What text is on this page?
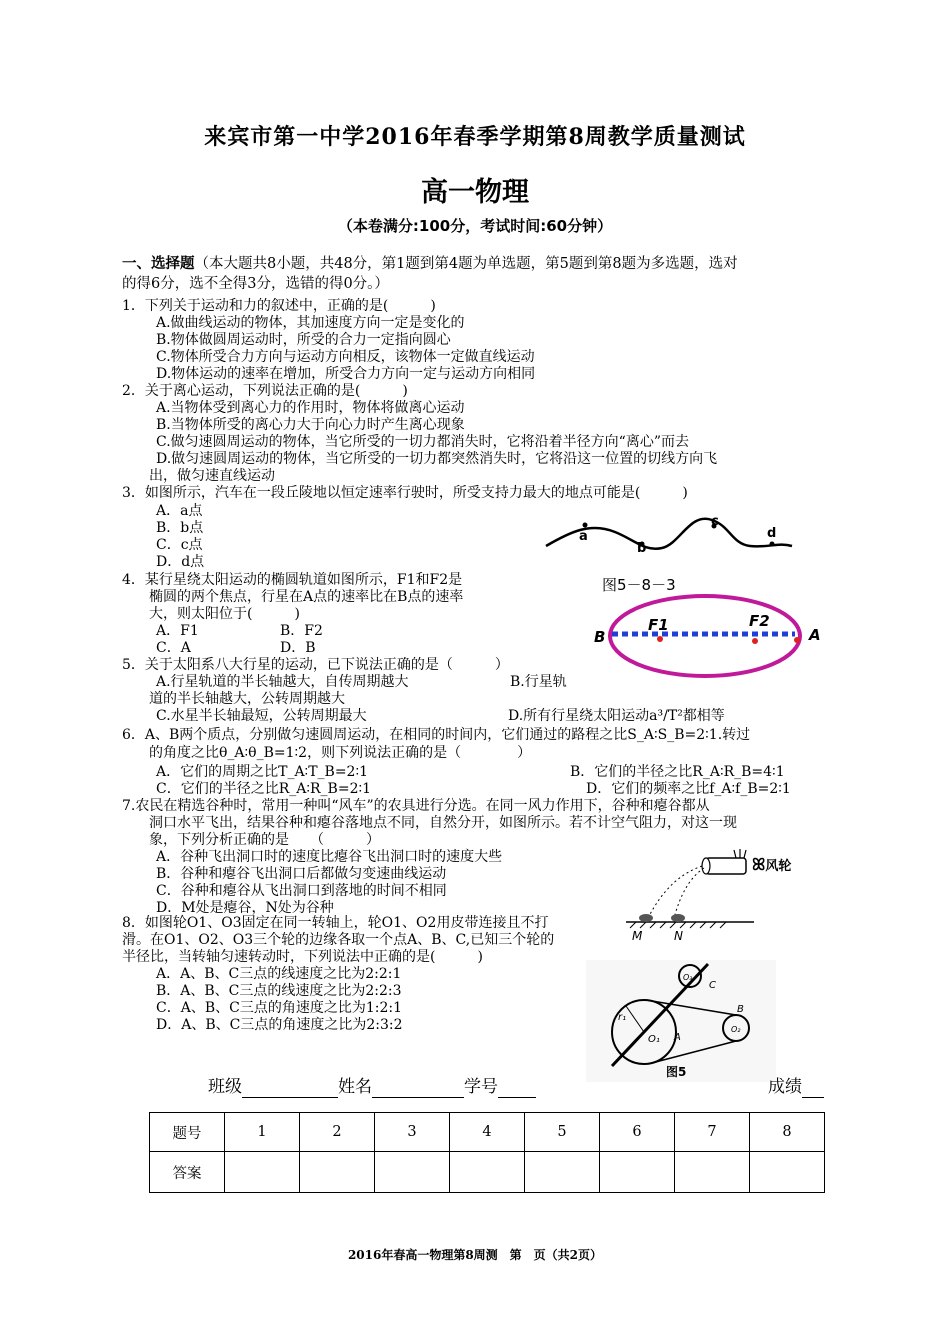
来宾市第一中学2016年春季学期第8周教学质量测试
高一物理
（本卷满分:100分，考试时间:60分钟）
一、选择题（本大题共8小题，共48分，第1题到第4题为单选题，第5题到第8题为多选题，选对
的得6分，选不全得3分，选错的得0分。）
1．下列关于运动和力的叙述中，正确的是(　　　)
A.做曲线运动的物体，其加速度方向一定是变化的
B.物体做圆周运动时，所受的合力一定指向圆心
C.物体所受合力方向与运动方向相反，该物体一定做直线运动
D.物体运动的速率在增加，所受合力方向一定与运动方向相同
2．关于离心运动，下列说法正确的是(　　　)
A.当物体受到离心力的作用时，物体将做离心运动
B.当物体所受的离心力大于向心力时产生离心现象
C.做匀速圆周运动的物体，当它所受的一切力都消失时，它将沿着半径方向“离心”而去
D.做匀速圆周运动的物体，当它所受的一切力都突然消失时，它将沿这一位置的切线方向飞
出，做匀速直线运动
3．如图所示，汽车在一段丘陵地以恒定速率行驶时，所受支持力最大的地点可能是(　　　)
A．a点
B．b点
C．c点
D．d点
a
b
c
d
图5－8－3
4．某行星绕太阳运动的椭圆轨道如图所示，F1和F2是
椭圆的两个焦点，行星在A点的速率比在B点的速率
大，则太阳位于(　　　)
A．F1	B．F2
C．A	D．B
F1	F2
B	A
5．关于太阳系八大行星的运动，已下说法正确的是（　　　）
A.行星轨道的半长轴越大，自传周期越大	B.行星轨
道的半长轴越大，公转周期越大
C.水星半长轴最短，公转周期最大	D.所有行星绕太阳运动a³/T²都相等
6．A、B两个质点，分别做匀速圆周运动，在相同的时间内，它们通过的路程之比S_A∶S_B=2∶1.转过
的角度之比θ_A∶θ_B=1∶2，则下列说法正确的是（　　　　）
A．它们的周期之比T_A∶T_B=2∶1	B．它们的半径之比R_A∶R_B=4∶1
C．它们的半径之比R_A∶R_B=2∶1	D．它们的频率之比f_A∶f_B=2∶1
7.农民在精选谷种时，常用一种叫“风车”的农具进行分选。在同一风力作用下，谷种和瘪谷都从
洞口水平飞出，结果谷种和瘪谷落地点不同，自然分开，如图所示。若不计空气阻力，对这一现
象，下列分析正确的是　　（　　　）
A．谷种飞出洞口时的速度比瘪谷飞出洞口时的速度大些
B．谷种和瘪谷飞出洞口后都做匀变速曲线运动
C．谷种和瘪谷从飞出洞口到落地的时间不相同
D．M处是瘪谷，N处为谷种
ꕤ风轮
M	N
8．如图轮O1、O3固定在同一转轴上，轮O1、O2用皮带连接且不打
滑。在O1、O2、O3三个轮的边缘各取一个点A、B、C,已知三个轮的
半径比，当转轴匀速转动时，下列说法中正确的是(　　　)
A．A、B、C三点的线速度之比为2:2:1
B．A、B、C三点的线速度之比为2:2:3
C．A、B、C三点的角速度之比为1:2:1
D．A、B、C三点的角速度之比为2:3:2	r₁
O₁ A
O₃
C
O₂
B
图5
班级	姓名	学号	成绩
题号	1	2	3	4	5	6	7	8
答案								
2016年春高一物理第8周测　第　页（共2页）
